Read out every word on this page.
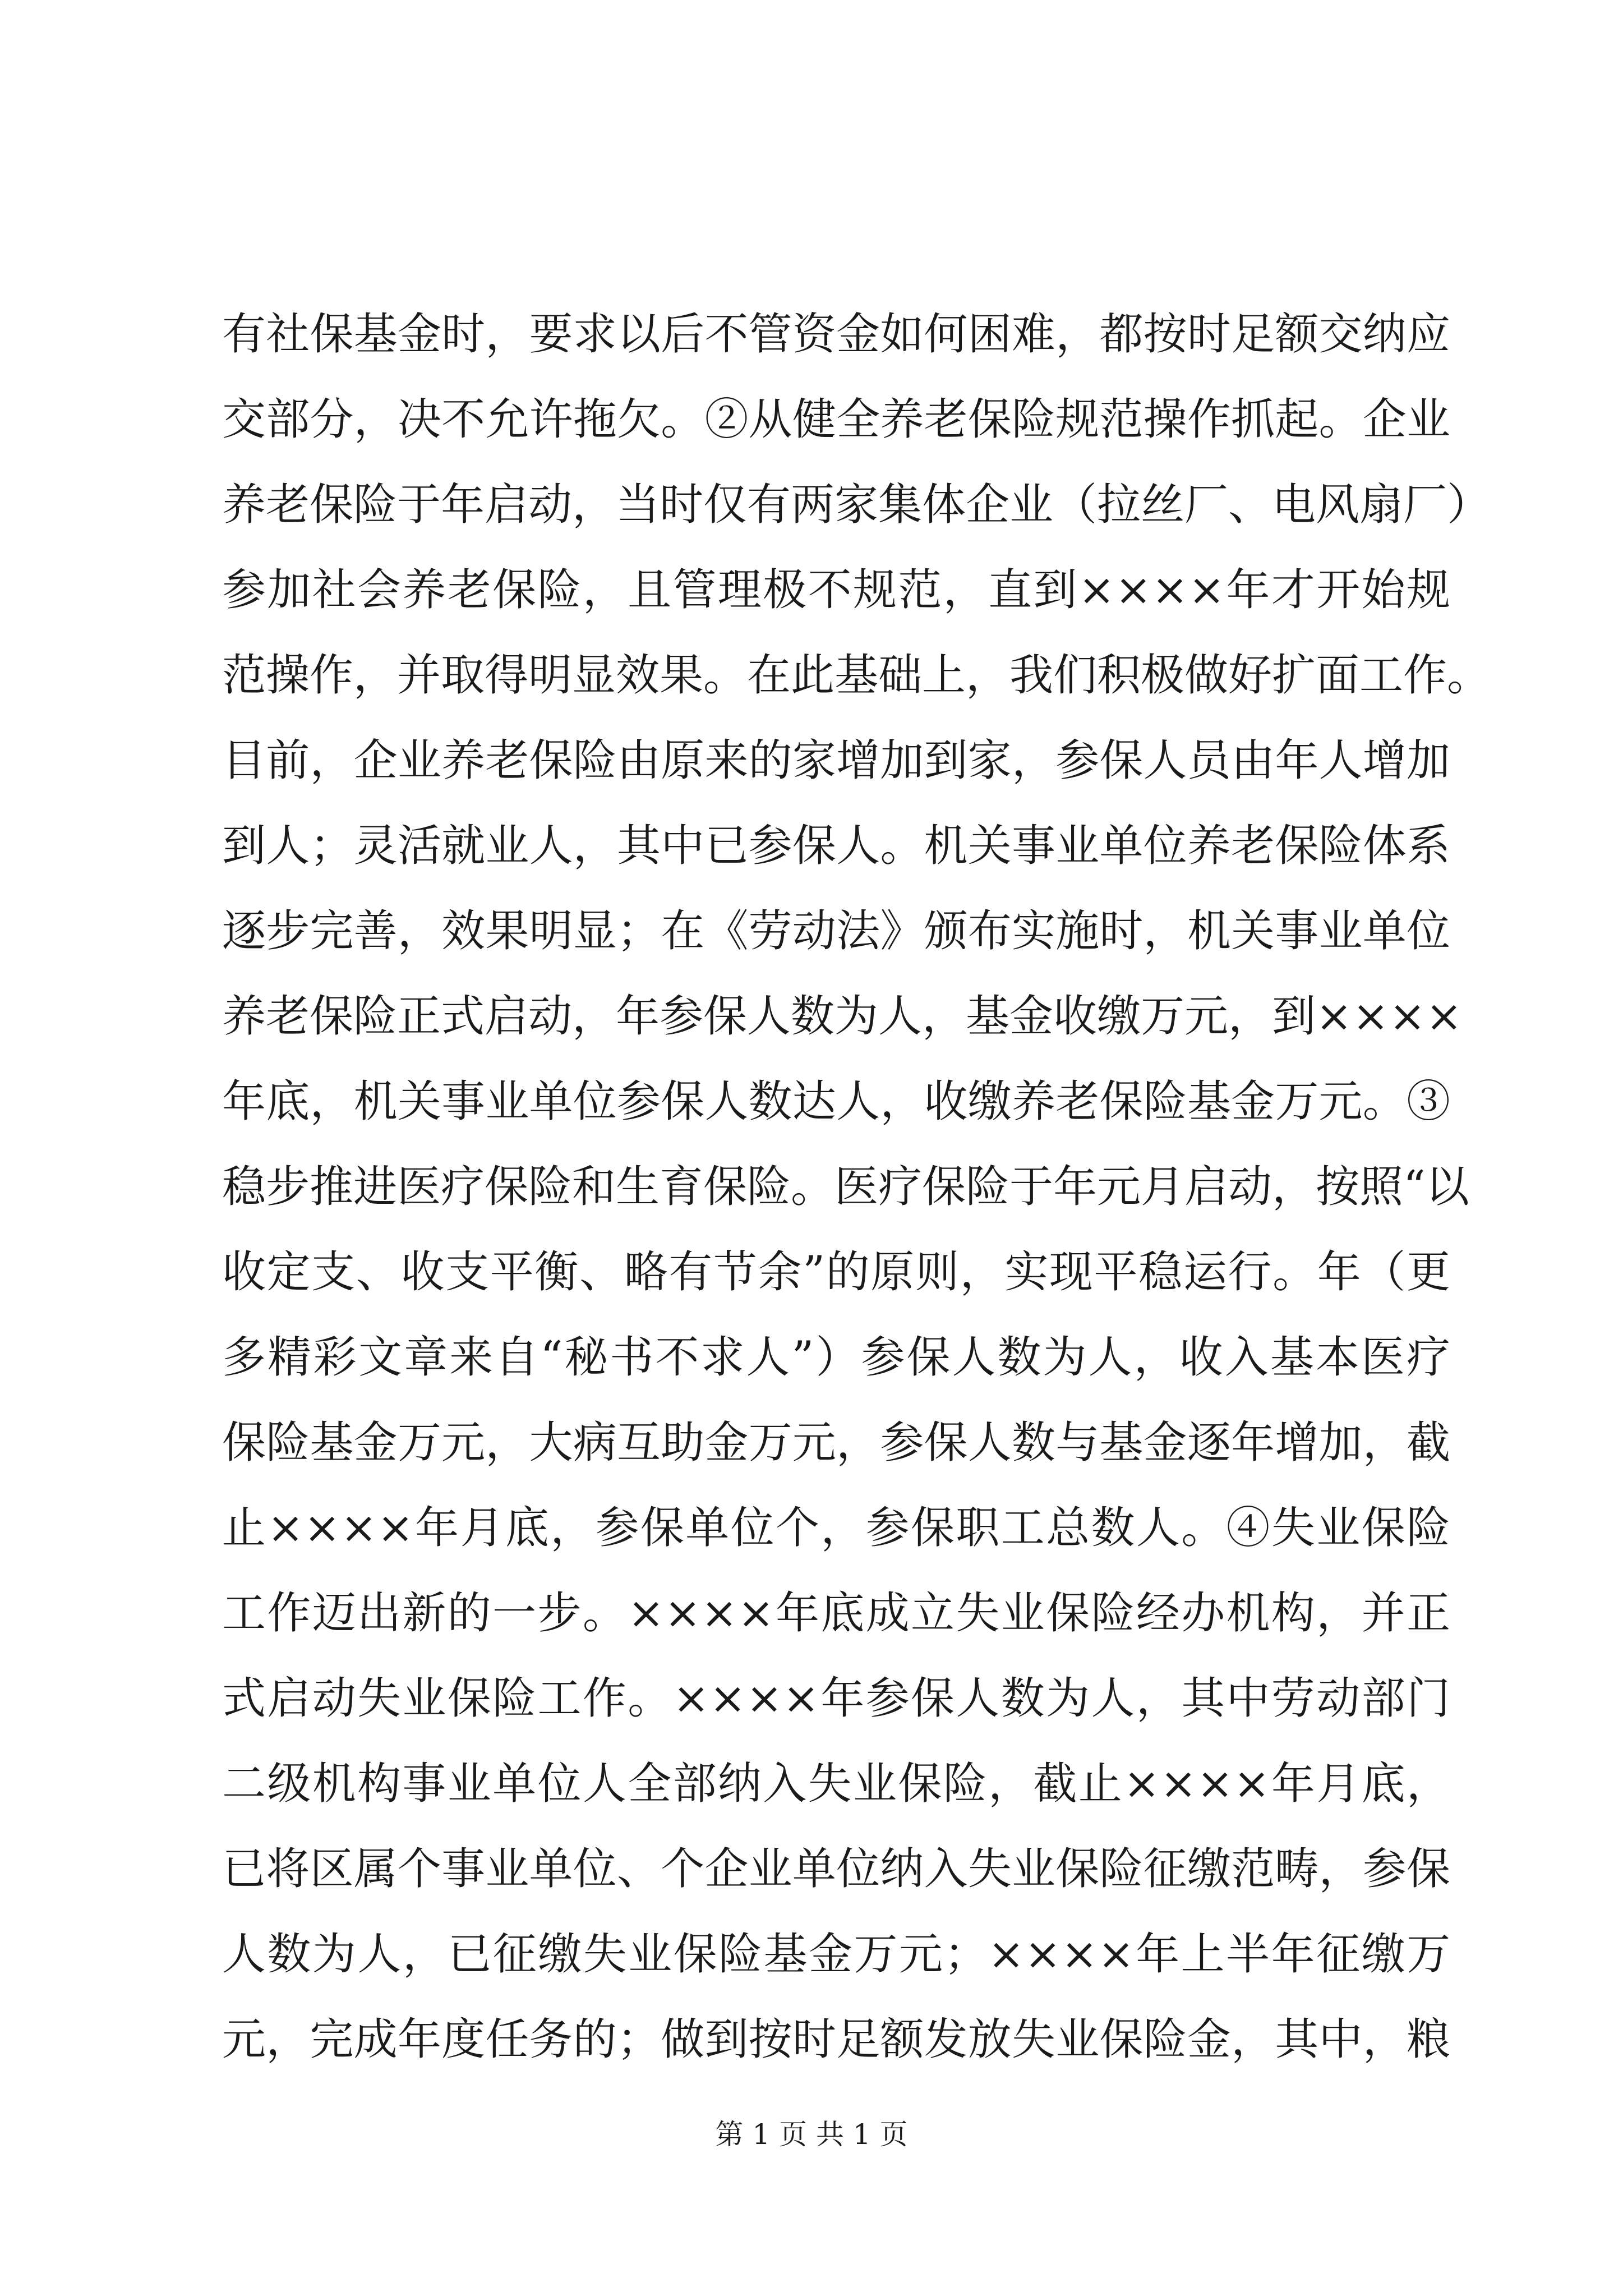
有社保基金时，要求以后不管资金如何困难，都按时足额交纳应
交部分，决不允许拖欠。②从健全养老保险规范操作抓起。企业
养老保险于年启动，当时仅有两家集体企业（拉丝厂、电风扇厂）
参加社会养老保险，且管理极不规范，直到××××年才开始规
范操作，并取得明显效果。在此基础上，我们积极做好扩面工作。
目前，企业养老保险由原来的家增加到家，参保人员由年人增加
到人；灵活就业人，其中已参保人。机关事业单位养老保险体系
逐步完善，效果明显；在《劳动法》颁布实施时，机关事业单位
养老保险正式启动，年参保人数为人，基金收缴万元，到××××
年底，机关事业单位参保人数达人，收缴养老保险基金万元。③
稳步推进医疗保险和生育保险。医疗保险于年元月启动，按照“以
收定支、收支平衡、略有节余”的原则，实现平稳运行。年（更
多精彩文章来自“秘书不求人”）参保人数为人，收入基本医疗
保险基金万元，大病互助金万元，参保人数与基金逐年增加，截
止××××年月底，参保单位个，参保职工总数人。④失业保险
工作迈出新的一步。××××年底成立失业保险经办机构，并正
式启动失业保险工作。××××年参保人数为人，其中劳动部门
二级机构事业单位人全部纳入失业保险，截止××××年月底，
已将区属个事业单位、个企业单位纳入失业保险征缴范畴，参保
人数为人，已征缴失业保险基金万元；××××年上半年征缴万
元，完成年度任务的；做到按时足额发放失业保险金，其中，粮
第 1 页 共 1 页
